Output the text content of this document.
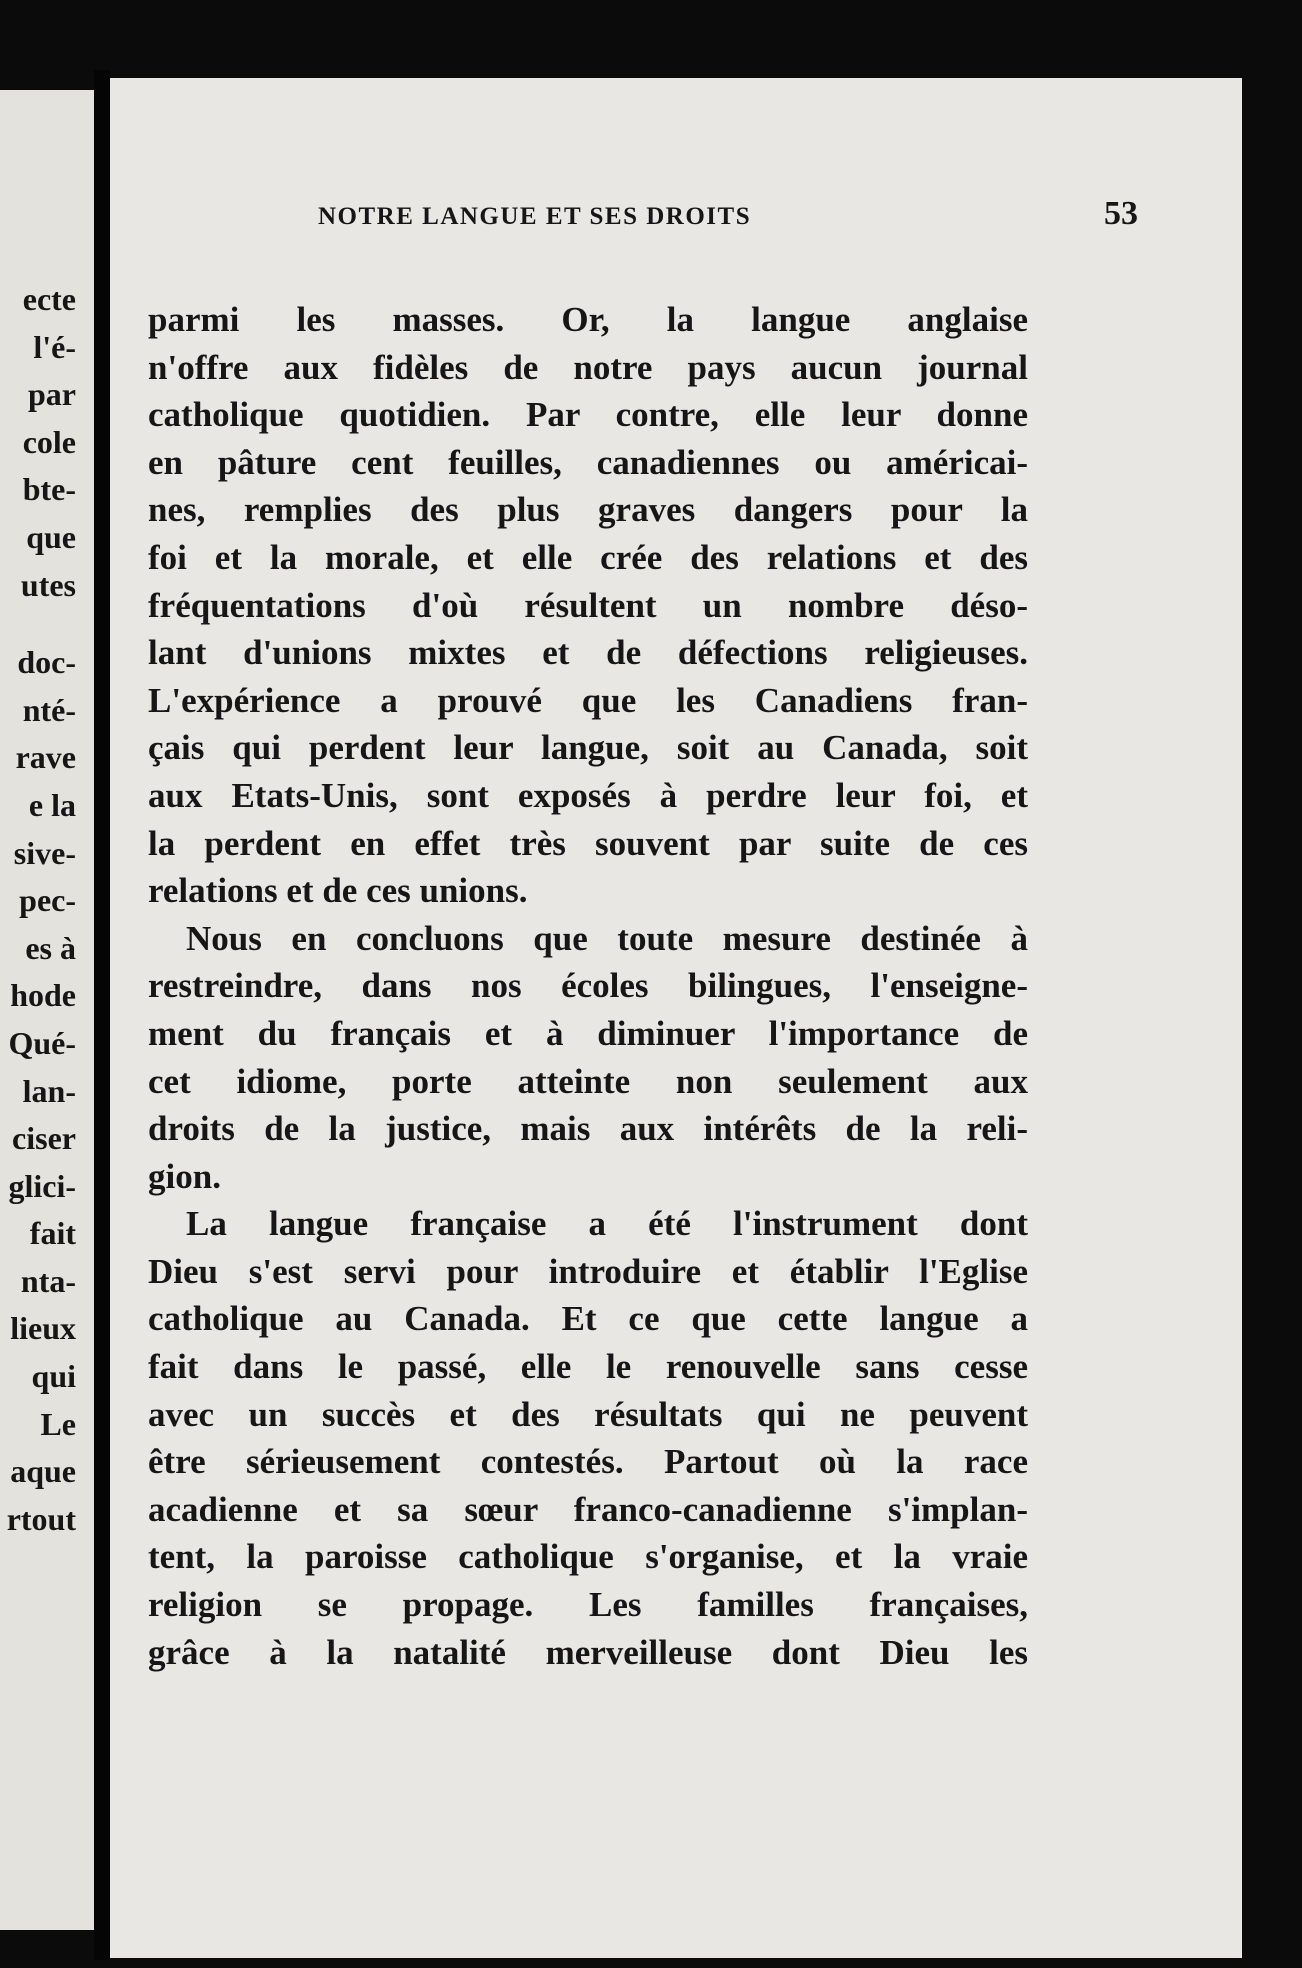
ecte
l'é-
par
cole
bte-
que
utes
doc-
nté-
rave
e la
sive-
pec-
es à
hode
Qué-
lan-
ciser
glici-
fait
nta-
lieux
qui
Le
aque
rtout
NOTRE LANGUE ET SES DROITS	53
parmi les masses. Or, la langue anglaise
n'offre aux fidèles de notre pays aucun journal
catholique quotidien. Par contre, elle leur donne
en pâture cent feuilles, canadiennes ou américai-
nes, remplies des plus graves dangers pour la
foi et la morale, et elle crée des relations et des
fréquentations d'où résultent un nombre déso-
lant d'unions mixtes et de défections religieuses.
L'expérience a prouvé que les Canadiens fran-
çais qui perdent leur langue, soit au Canada, soit
aux Etats-Unis, sont exposés à perdre leur foi, et
la perdent en effet très souvent par suite de ces
relations et de ces unions.
Nous en concluons que toute mesure destinée à
restreindre, dans nos écoles bilingues, l'enseigne-
ment du français et à diminuer l'importance de
cet idiome, porte atteinte non seulement aux
droits de la justice, mais aux intérêts de la reli-
gion.
La langue française a été l'instrument dont
Dieu s'est servi pour introduire et établir l'Eglise
catholique au Canada. Et ce que cette langue a
fait dans le passé, elle le renouvelle sans cesse
avec un succès et des résultats qui ne peuvent
être sérieusement contestés. Partout où la race
acadienne et sa sœur franco-canadienne s'implan-
tent, la paroisse catholique s'organise, et la vraie
religion se propage. Les familles françaises,
grâce à la natalité merveilleuse dont Dieu les
